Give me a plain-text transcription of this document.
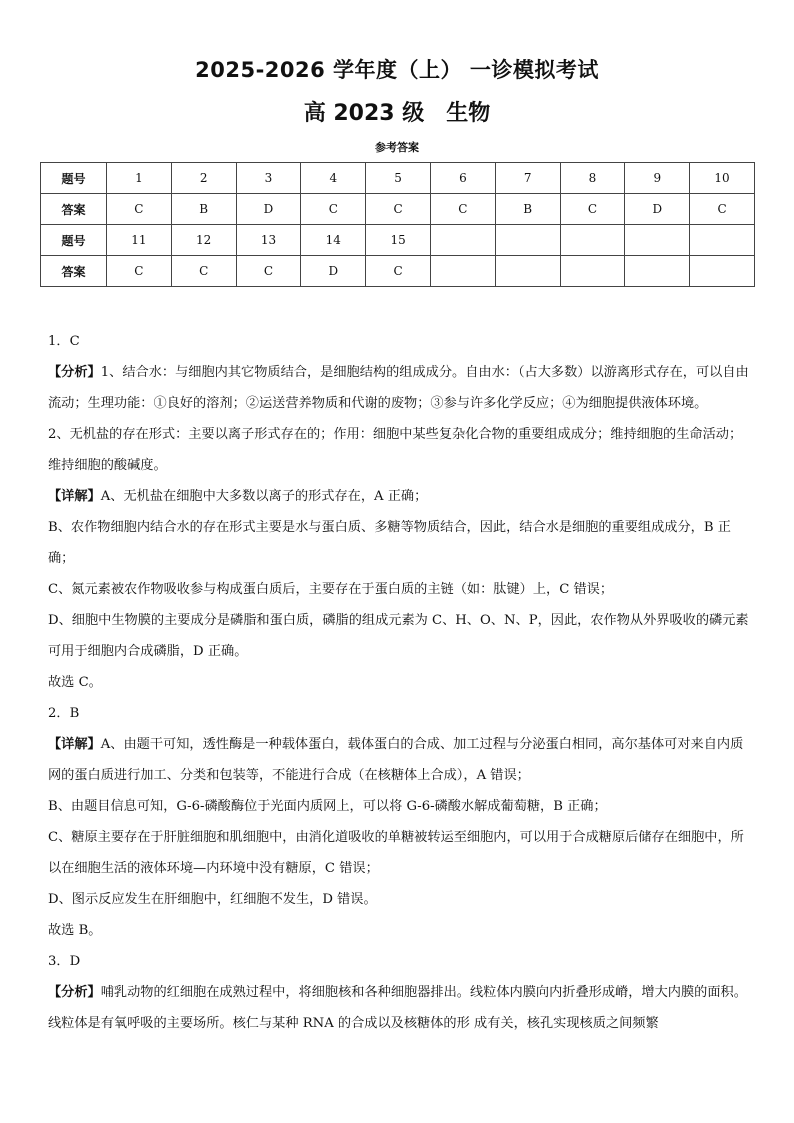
2025-2026 学年度（上） 一诊模拟考试
高 2023 级 生物
参考答案
题号	1	2	3	4	5	6	7	8	9	10
答案	C	B	D	C	C	C	B	C	D	C
题号	11	12	13	14	15					
答案	C	C	C	D	C					

1．C

【分析】1、结合水：与细胞内其它物质结合，是细胞结构的组成成分。自由水：（占大多数）以游离形式存在，可以自由流动；生理功能：①良好的溶剂；②运送营养物质和代谢的废物；③参与许多化学反应；④为细胞提供液体环境。

2、无机盐的存在形式：主要以离子形式存在的；作用：细胞中某些复杂化合物的重要组成成分；维持细胞的生命活动；维持细胞的酸碱度。

【详解】A、无机盐在细胞中大多数以离子的形式存在，A 正确；

B、农作物细胞内结合水的存在形式主要是水与蛋白质、多糖等物质结合，因此，结合水是细胞的重要组成成分，B 正确；

C、氮元素被农作物吸收参与构成蛋白质后，主要存在于蛋白质的主链（如：肽键）上，C 错误；

D、细胞中生物膜的主要成分是磷脂和蛋白质，磷脂的组成元素为 C、H、O、N、P，因此，农作物从外界吸收的磷元素可用于细胞内合成磷脂，D 正确。

故选 C。

2．B

【详解】A、由题干可知，透性酶是一种载体蛋白，载体蛋白的合成、加工过程与分泌蛋白相同，高尔基体可对来自内质网的蛋白质进行加工、分类和包装等，不能进行合成（在核糖体上合成），A 错误；

B、由题目信息可知，G-6-磷酸酶位于光面内质网上，可以将 G-6-磷酸水解成葡萄糖，B 正确；

C、糖原主要存在于肝脏细胞和肌细胞中，由消化道吸收的单糖被转运至细胞内，可以用于合成糖原后储存在细胞中，所以在细胞生活的液体环境—内环境中没有糖原，C 错误；

D、图示反应发生在肝细胞中，红细胞不发生，D 错误。

故选 B。

3．D

【分析】哺乳动物的红细胞在成熟过程中，将细胞核和各种细胞器排出。线粒体内膜向内折叠形成嵴，增大内膜的面积。线粒体是有氧呼吸的主要场所。核仁与某种 RNA 的合成以及核糖体的形 成有关，核孔实现核质之间频繁
